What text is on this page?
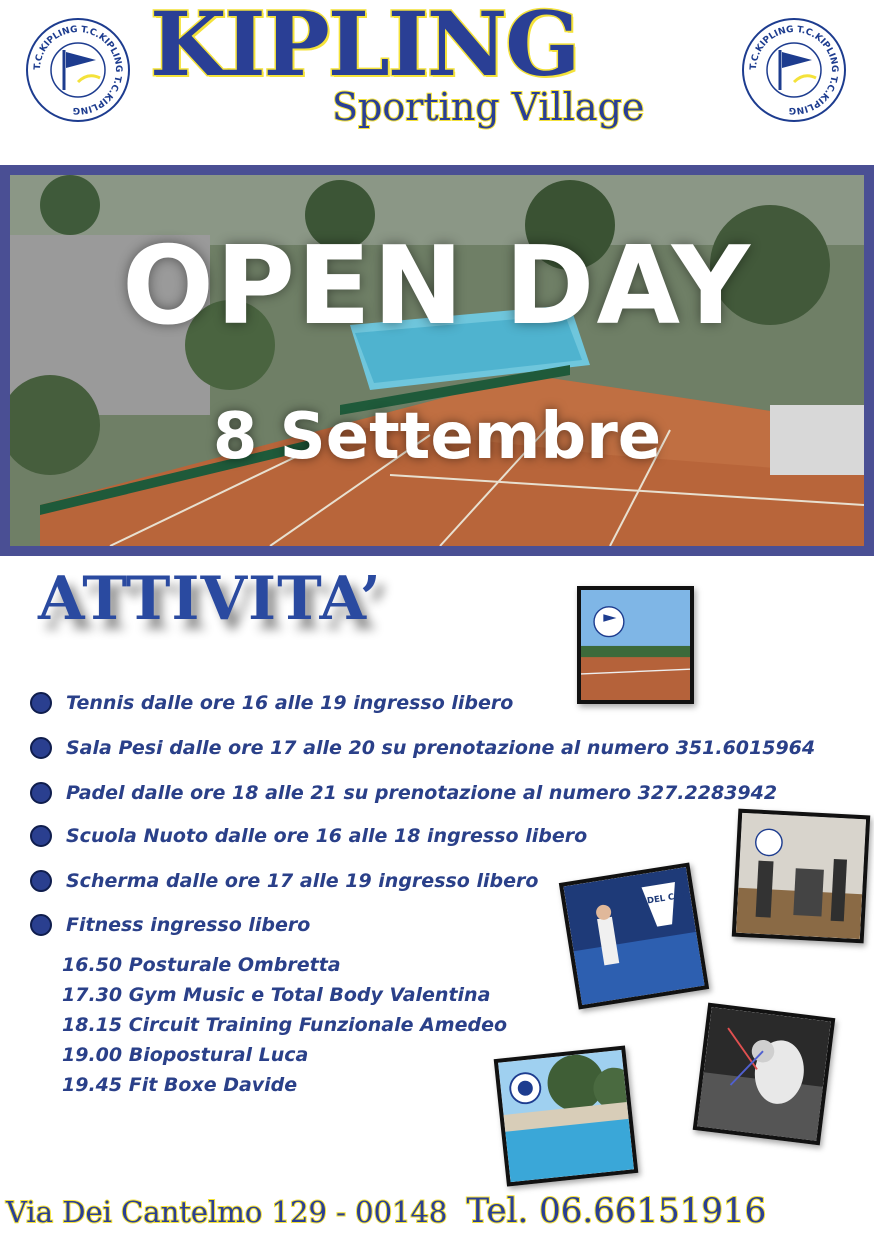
T.C.KIPLING T.C.KIPLING T.C.KIPLING
T.C.KIPLING T.C.KIPLING T.C.KIPLING
KIPLING
Sporting Village
OPEN DAY
8 Settembre
ATTIVITA’
Tennis dalle ore 16 alle 19 ingresso libero
Sala Pesi dalle ore 17 alle 20 su prenotazione al numero 351.6015964
Padel dalle ore 18 alle 21 su prenotazione al numero 327.2283942
Scuola Nuoto dalle ore 16 alle 18 ingresso libero
Scherma dalle ore 17 alle 19 ingresso libero
Fitness ingresso libero
16.50 Posturale Ombretta
17.30 Gym Music e Total Body Valentina
18.15 Circuit Training Funzionale Amedeo
19.00 Biopostural Luca
19.45 Fit Boxe Davide
PADEL CAT
Via Dei Cantelmo 129 - 00148 Tel. 06.66151916
